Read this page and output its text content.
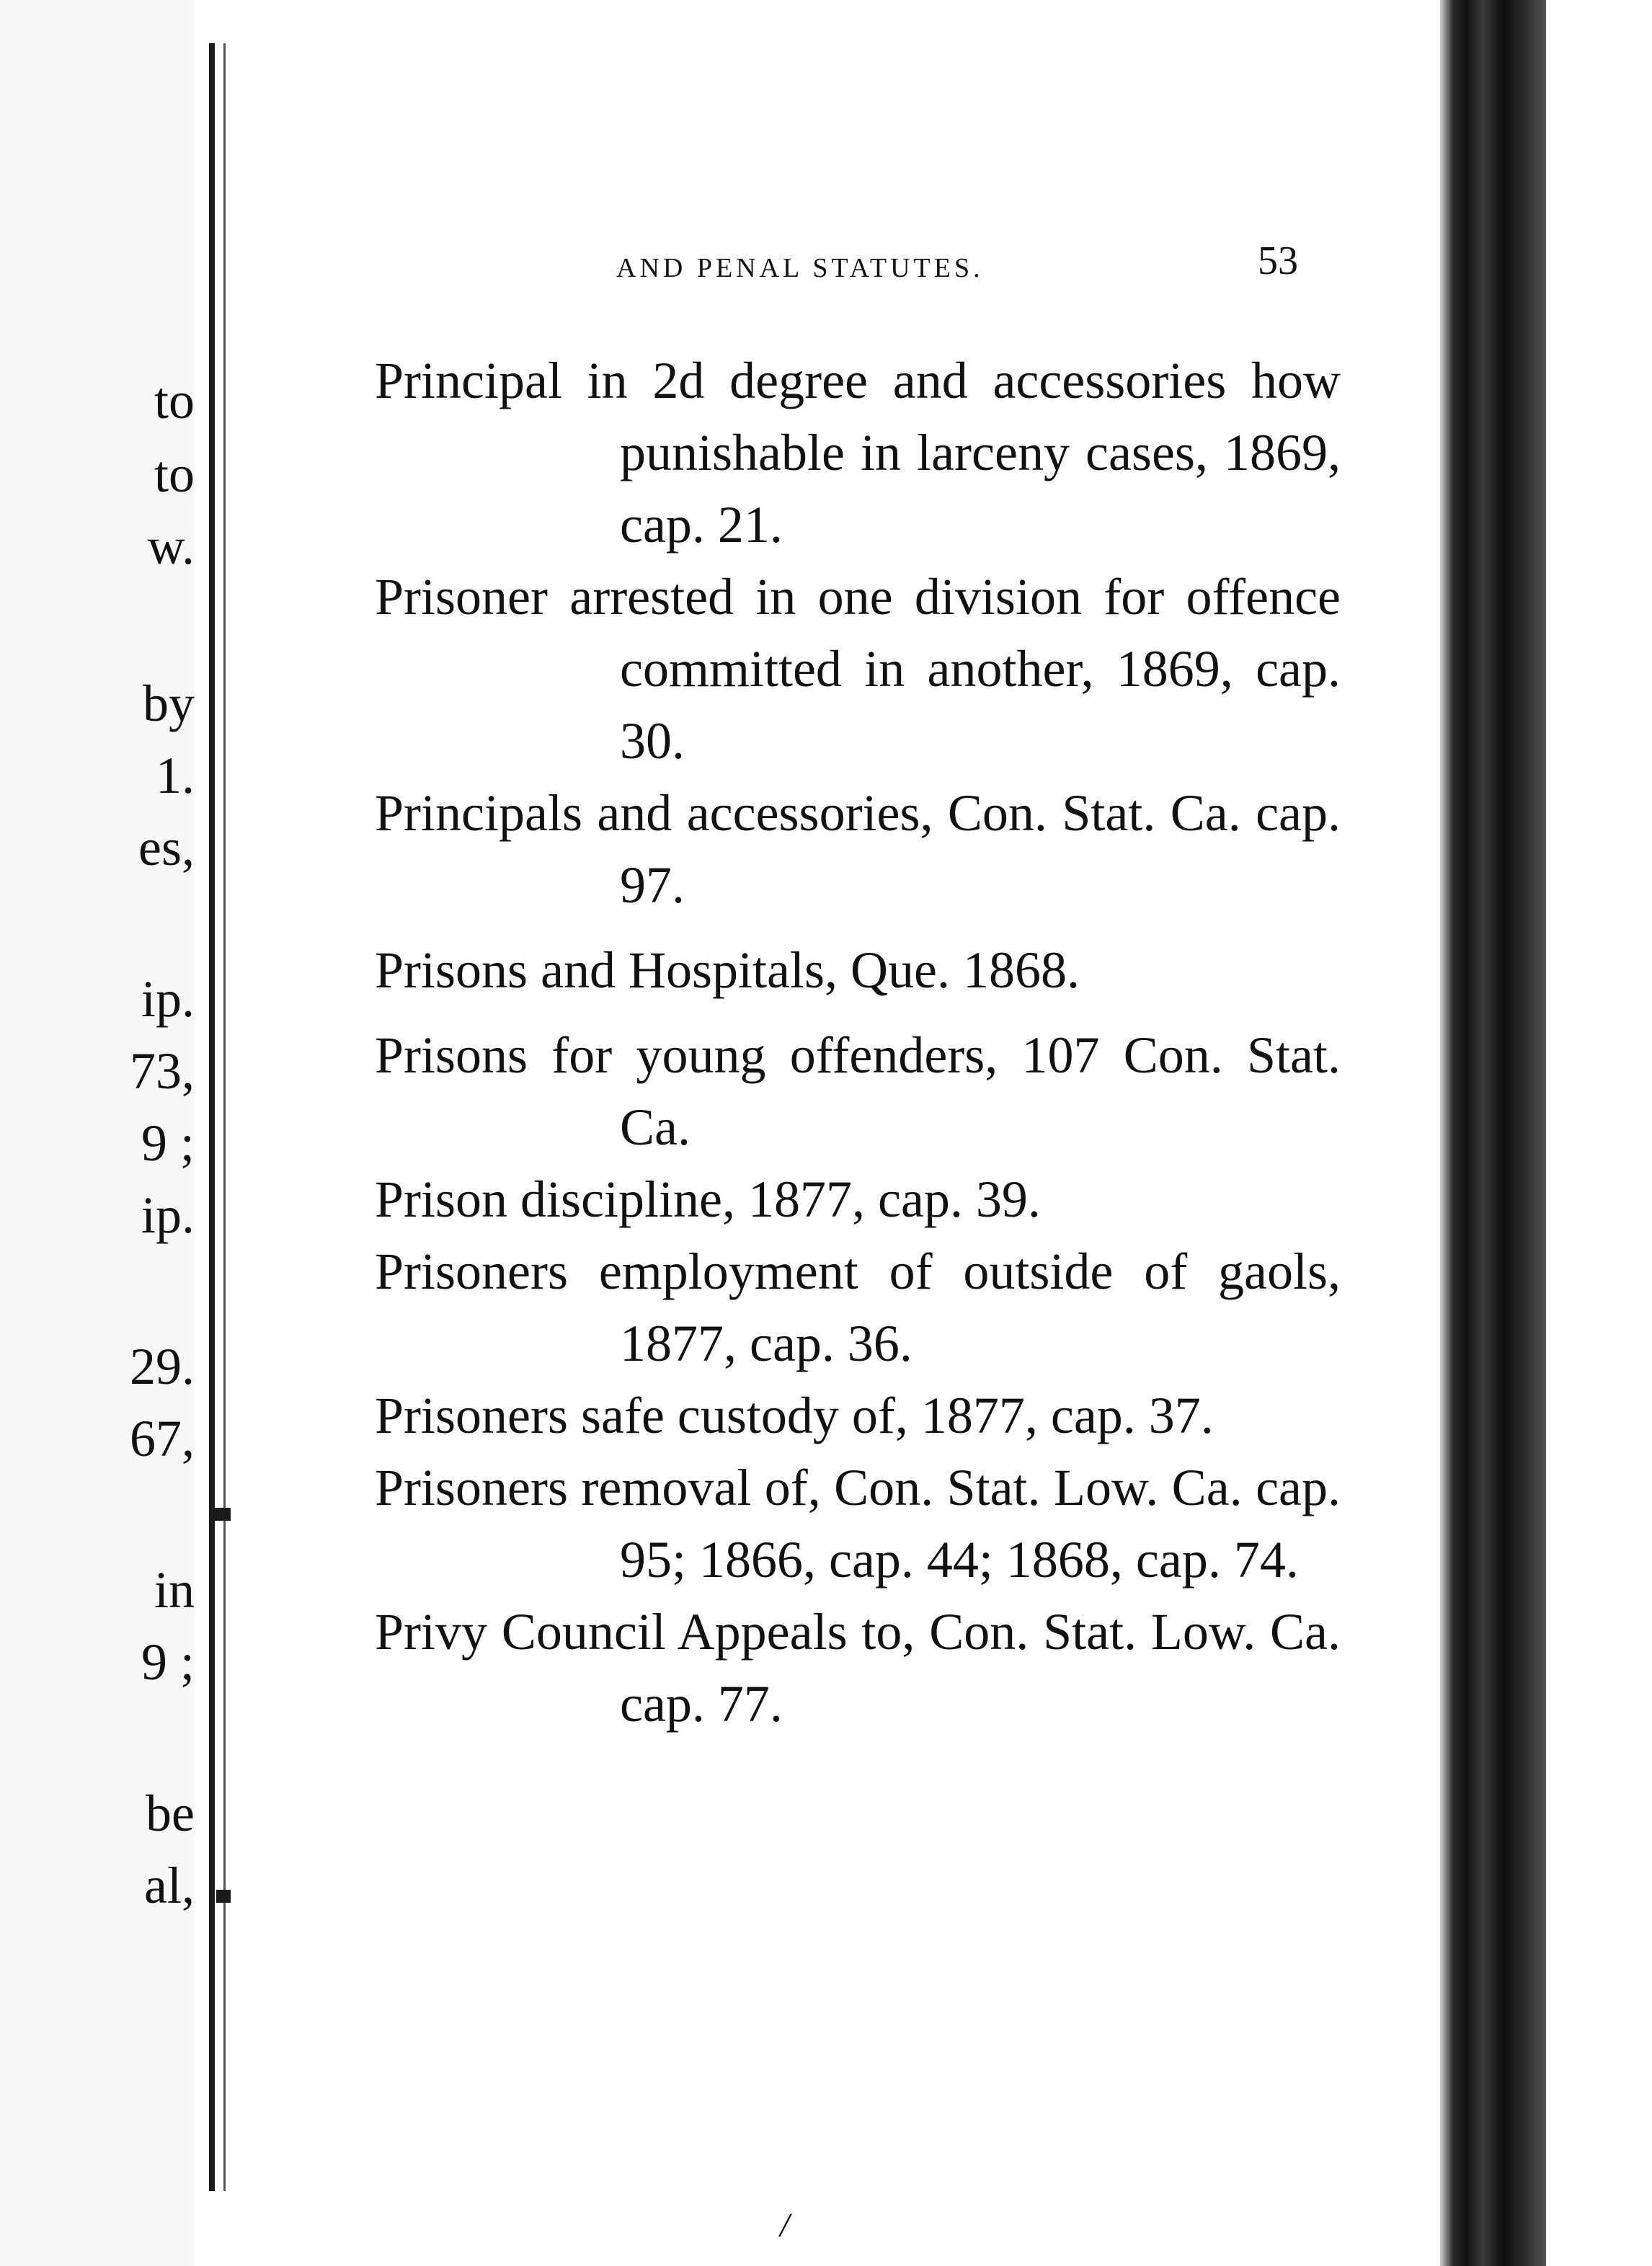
to
to
w.
by
1.
es,
ip.
73,
9 ;
ip.
29.
67,
in
9 ;
be
al,
AND PENAL STATUTES.	53
Principal in 2d degree and accessories how punishable in larceny cases, 1869, cap. 21.
Prisoner arrested in one division for offence committed in another, 1869, cap. 30.
Principals and accessories, Con. Stat. Ca. cap. 97.
Prisons and Hospitals, Que. 1868.
Prisons for young offenders, 107 Con. Stat. Ca.
Prison discipline, 1877, cap. 39.
Prisoners employment of outside of gaols, 1877, cap. 36.
Prisoners safe custody of, 1877, cap. 37.
Prisoners removal of, Con. Stat. Low. Ca. cap. 95; 1866, cap. 44; 1868, cap. 74.
Privy Council Appeals to, Con. Stat. Low. Ca. cap. 77.
/
